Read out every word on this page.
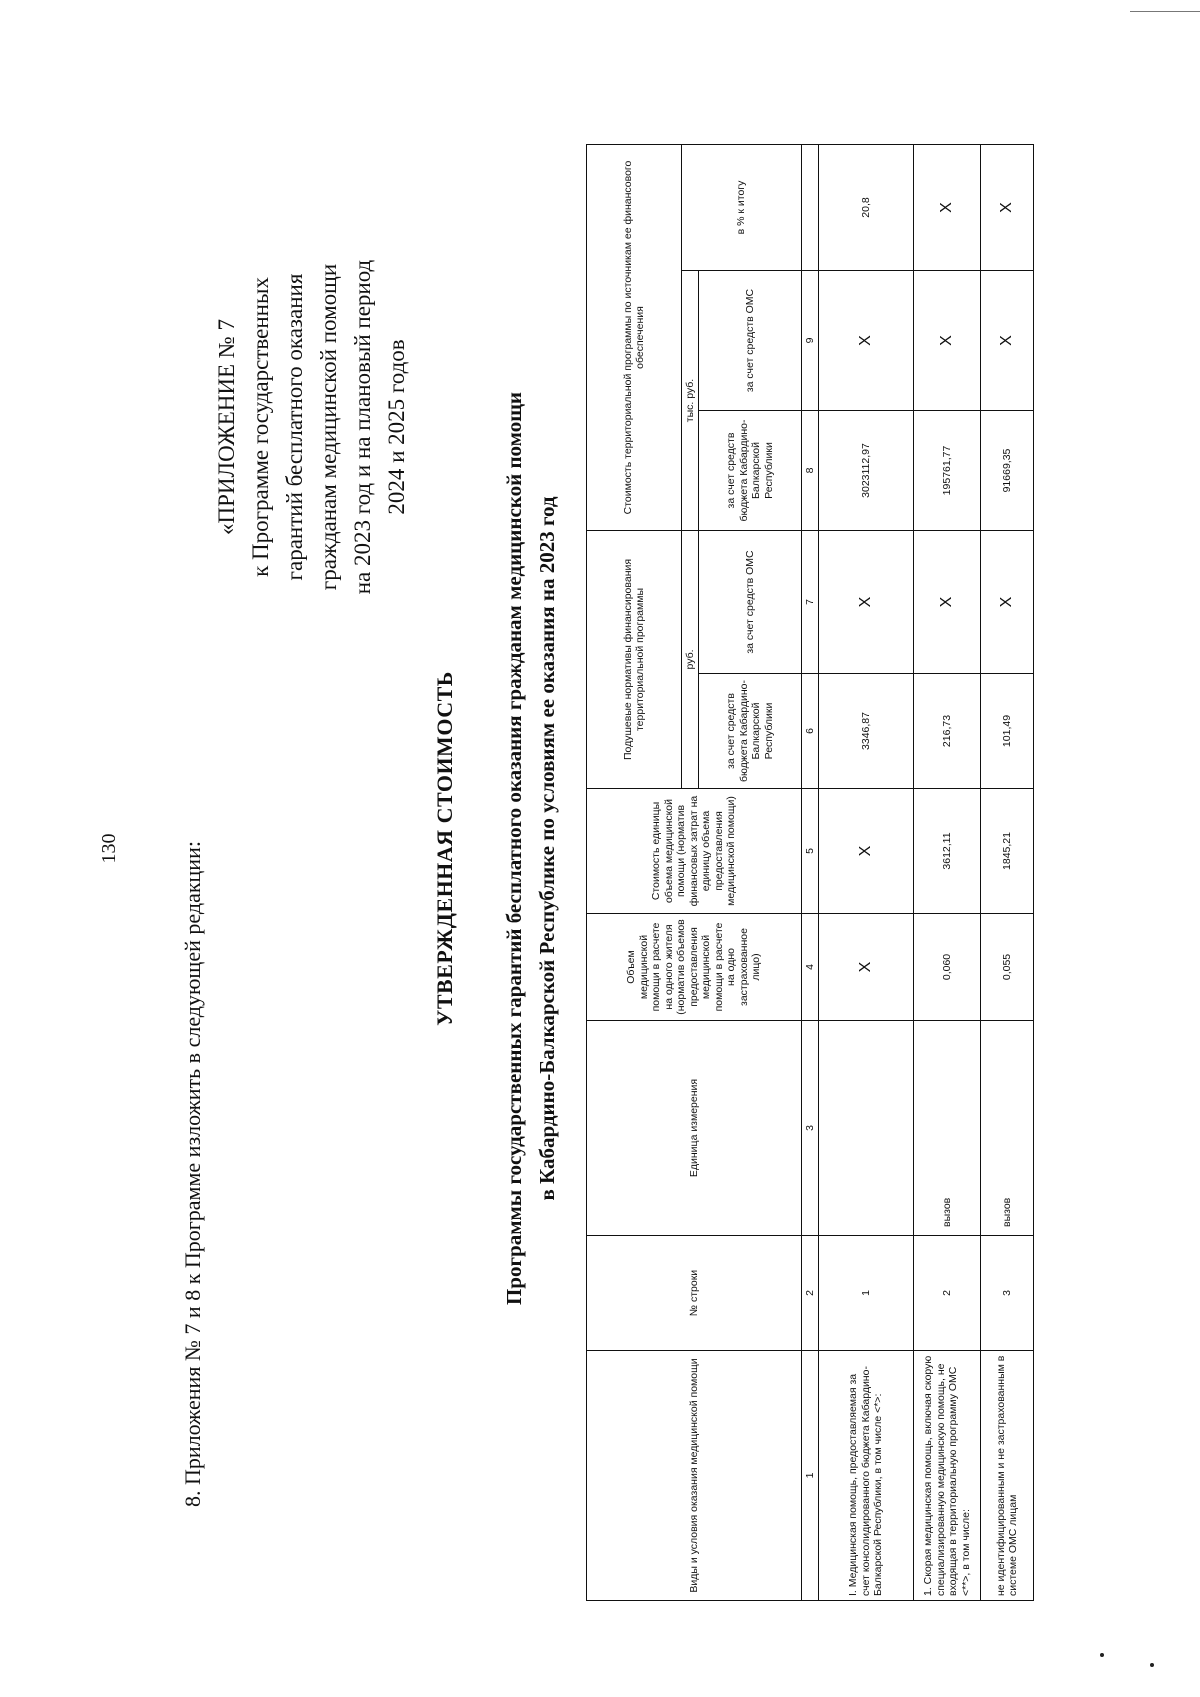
130	8. Приложения № 7 и 8 к Программе изложить в следующей редакции:
«ПРИЛОЖЕНИЕ № 7 к Программе государственных гарантий бесплатного оказания гражданам медицинской помощи на 2023 год и на плановый период 2024 и 2025 годов
УТВЕРЖДЕННАЯ СТОИМОСТЬ Программы государственных гарантий бесплатного оказания гражданам медицинской помощи в Кабардино-Балкарской Республике по условиям ее оказания на 2023 год
Виды и условия оказания медицинской помощи	№ строки	Единица измерения	Объем медицинской помощи в расчете на одного жителя (норматив объемов предоставления медицинской помощи в расчете на одно застрахованное лицо)	Стоимость единицы объема медицинской помощи (норматив финансовых затрат на единицу объема предоставления медицинской помощи)	Подушевые нормативы финансирования территориальной программы		Стоимость территориальной программы по источникам ее финансового обеспечения		
					руб.		тыс. руб.		в % к итогу
					за счет средств бюджета Кабардино-Балкарской Республики	за счет средств ОМС	за счет средств бюджета Кабардино-Балкарской Республики	за счет средств ОМС	
1	2	3	4	5	6	7	8	9	
I. Медицинская помощь, предоставляемая за счет консолидированного бюджета Кабардино-Балкарской Республики, в том числе <*>:	1		X	X	3346,87	X	3023112,97	X	20,8
1. Скорая медицинская помощь, включая скорую специализированную медицинскую помощь, не входящая в территориальную программу ОМС <**>, в том числе:	2	вызов	0,060	3612,11	216,73	X	195761,77	X	X
не идентифицированным и не застрахованным в системе ОМС лицам	3	вызов	0,055	1845,21	101,49	X	91669,35	X	X
